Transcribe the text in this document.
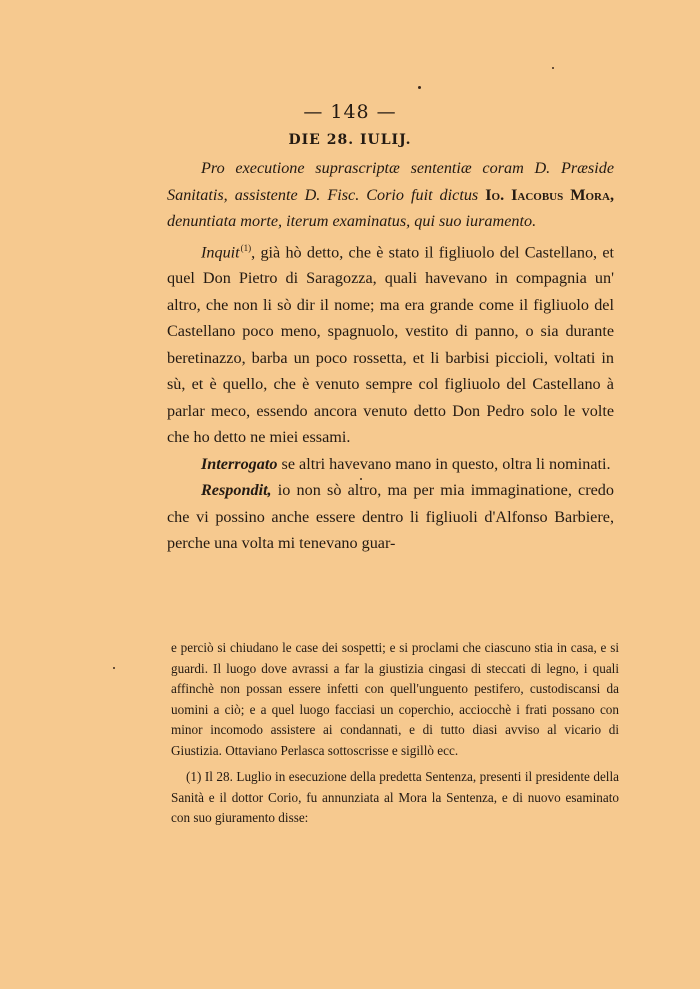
— 148 —
DIE 28. IULIJ.

Pro executione suprascriptæ sententiæ coram D. Præside Sanitatis, assistente D. Fisc. Corio fuit dictus Io. Iacobus Mora, denuntiata morte, iterum examinatus, qui suo iuramento.

Inquit$^{(1)}$, già hò detto, che è stato il figliuolo del Castellano, et quel Don Pietro di Saragozza, quali havevano in compagnia un' altro, che non li sò dir il nome; ma era grande come il figliuolo del Castellano poco meno, spagnuolo, vestito di panno, o sia durante beretinazzo, barba un poco rossetta, et li barbisi piccioli, voltati in sù, et è quello, che è venuto sempre col figliuolo del Castellano à parlar meco, essendo ancora venuto detto Don Pedro solo le volte che ho detto ne miei essami.

Interrogato se altri havevano mano in questo, oltra li nominati.

Respondit, io non sò altro, ma per mia immaginatione, credo che vi possino anche essere dentro li figliuoli d'Alfonso Barbiere, perche una volta mi tenevano guar-

e perciò si chiudano le case dei sospetti; e si proclami che ciascuno stia in casa, e si guardi. Il luogo dove avrassi a far la giustizia cingasi di steccati di legno, i quali affinchè non possan essere infetti con quell'unguento pestifero, custodiscansi da uomini a ciò; e a quel luogo facciasi un coperchio, acciocchè i frati possano con minor incomodo assistere ai condannati, e di tutto diasi avviso al vicario di Giustizia. Ottaviano Perlasca sottoscrisse e sigillò ecc.

(1) Il 28. Luglio in esecuzione della predetta Sentenza, presenti il presidente della Sanità e il dottor Corio, fu annunziata al Mora la Sentenza, e di nuovo esaminato con suo giuramento disse:
